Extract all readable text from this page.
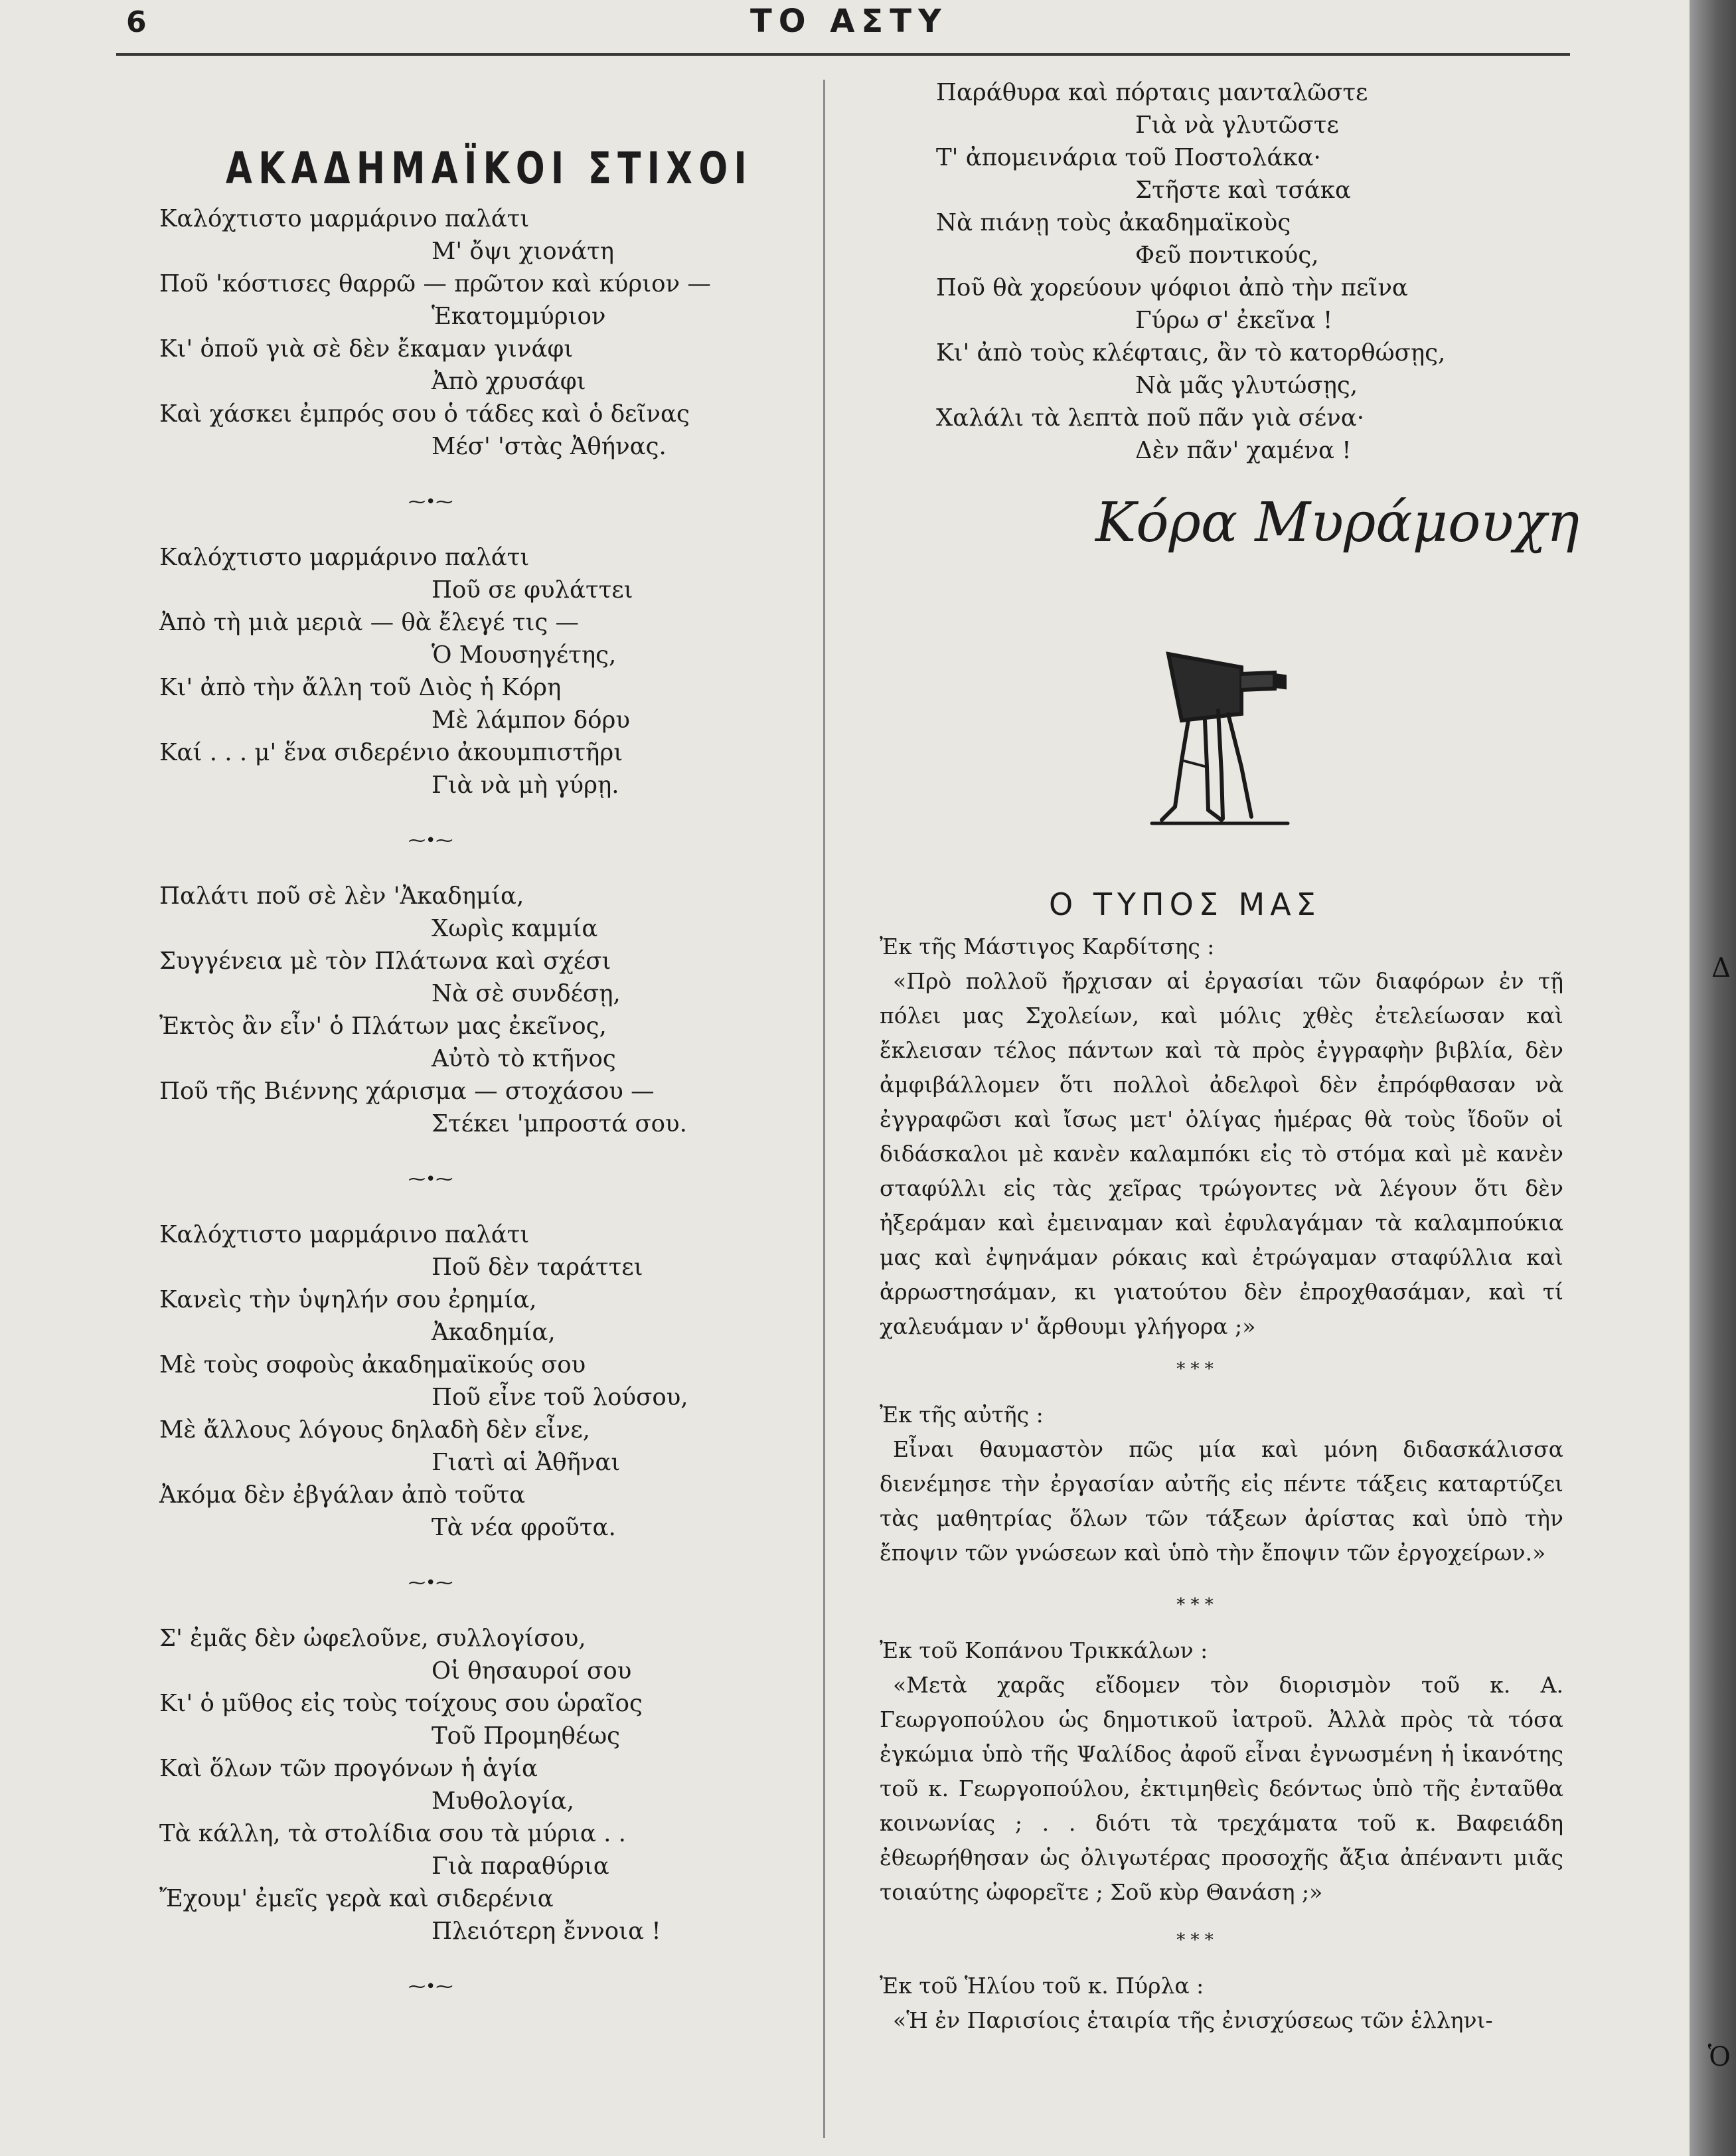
Δ
Ὁ
6	ΤΟ ΑΣΤΥ
ΑΚΑΔΗΜΑΪΚΟΙ ΣΤΙΧΟΙ
Καλόχτιστο μαρμάρινο παλάτι
Μ' ὄψι χιονάτη
Ποῦ 'κόστισες θαρρῶ — πρῶτον καὶ κύριον —
Ἑκατομμύριον
Κι' ὁποῦ γιὰ σὲ δὲν ἔκαμαν γινάφι
Ἀπὸ χρυσάφι
Καὶ χάσκει ἐμπρός σου ὁ τάδες καὶ ὁ δεῖνας
Μέσ' 'στὰς Ἀθήνας.
⁓•⁓
Καλόχτιστο μαρμάρινο παλάτι
Ποῦ σε φυλάττει
Ἀπὸ τὴ μιὰ μεριὰ — θὰ ἔλεγέ τις —
Ὁ Μουσηγέτης,
Κι' ἀπὸ τὴν ἄλλη τοῦ Διὸς ἡ Κόρη
Μὲ λάμπον δόρυ
Καί . . . μ' ἕνα σιδερένιο ἀκουμπιστῆρι
Γιὰ νὰ μὴ γύρῃ.
⁓•⁓
Παλάτι ποῦ σὲ λὲν 'Ἀκαδημία,
Χωρὶς καμμία
Συγγένεια μὲ τὸν Πλάτωνα καὶ σχέσι
Νὰ σὲ συνδέσῃ,
Ἐκτὸς ἂν εἶν' ὁ Πλάτων μας ἐκεῖνος,
Αὐτὸ τὸ κτῆνος
Ποῦ τῆς Βιέννης χάρισμα — στοχάσου —
Στέκει 'μπροστά σου.
⁓•⁓
Καλόχτιστο μαρμάρινο παλάτι
Ποῦ δὲν ταράττει
Κανεὶς τὴν ὑψηλήν σου ἐρημία,
Ἀκαδημία,
Μὲ τοὺς σοφοὺς ἀκαδημαϊκούς σου
Ποῦ εἶνε τοῦ λούσου,
Μὲ ἄλλους λόγους δηλαδὴ δὲν εἶνε,
Γιατὶ αἱ Ἀθῆναι
Ἀκόμα δὲν ἐβγάλαν ἀπὸ τοῦτα
Τὰ νέα φροῦτα.
⁓•⁓
Σ' ἐμᾶς δὲν ὠφελοῦνε, συλλογίσου,
Οἱ θησαυροί σου
Κι' ὁ μῦθος εἰς τοὺς τοίχους σου ὡραῖος
Τοῦ Προμηθέως
Καὶ ὅλων τῶν προγόνων ἡ ἁγία
Μυθολογία,
Τὰ κάλλη, τὰ στολίδια σου τὰ μύρια . .
Γιὰ παραθύρια
Ἔχουμ' ἐμεῖς γερὰ καὶ σιδερένια
Πλειότερη ἔννοια !
⁓•⁓
Παράθυρα καὶ πόρταις μανταλῶστε
Γιὰ νὰ γλυτῶστε
Τ' ἀπομεινάρια τοῦ Ποστολάκα·
Στῆστε καὶ τσάκα
Νὰ πιάνῃ τοὺς ἀκαδημαϊκοὺς
Φεῦ ποντικούς,
Ποῦ θὰ χορεύουν ψόφιοι ἀπὸ τὴν πεῖνα
Γύρω σ' ἐκεῖνα !
Κι' ἀπὸ τοὺς κλέφταις, ἂν τὸ κατορθώσῃς,
Νὰ μᾶς γλυτώσῃς,
Χαλάλι τὰ λεπτὰ ποῦ πᾶν γιὰ σένα·
Δὲν πᾶν' χαμένα !
Κόρα Μυράμουχη
Ο ΤΥΠΟΣ ΜΑΣ
Ἐκ τῆς Μάστιγος Καρδίτσης :
«Πρὸ πολλοῦ ἤρχισαν αἱ ἐργασίαι τῶν διαφόρων ἐν τῇ πόλει μας Σχολείων, καὶ μόλις χθὲς ἐτελείωσαν καὶ ἔκλεισαν τέλος πάντων καὶ τὰ πρὸς ἐγγραφὴν βιβλία, δὲν ἀμφιβάλλομεν ὅτι πολλοὶ ἀδελφοὶ δὲν ἐπρόφθασαν νὰ ἐγγραφῶσι καὶ ἴσως μετ' ὀλίγας ἡμέρας θὰ τοὺς ἴδοῦν οἱ διδάσκαλοι μὲ κανὲν καλαμπόκι εἰς τὸ στόμα καὶ μὲ κανὲν σταφύλλι εἰς τὰς χεῖρας τρώγοντες νὰ λέγουν ὅτι δὲν ἠξεράμαν καὶ ἐμειναμαν καὶ ἐφυλαγάμαν τὰ καλαμπούκια μας καὶ ἐψηνάμαν ρόκαις καὶ ἐτρώγαμαν σταφύλλια καὶ ἀρρωστησάμαν, κι γιατούτου δὲν ἐπροχθασάμαν, καὶ τί χαλευάμαν ν' ἄρθουμι γλήγορα ;»
* * *
Ἐκ τῆς αὐτῆς :
Εἶναι θαυμαστὸν πῶς μία καὶ μόνη διδασκάλισσα διενέμησε τὴν ἐργασίαν αὐτῆς εἰς πέντε τάξεις καταρτύζει τὰς μαθητρίας ὅλων τῶν τάξεων ἀρίστας καὶ ὑπὸ τὴν ἔποψιν τῶν γνώσεων καὶ ὑπὸ τὴν ἔποψιν τῶν ἐργοχείρων.»
* * *
Ἐκ τοῦ Κοπάνου Τρικκάλων :
«Μετὰ χαρᾶς εἴδομεν τὸν διορισμὸν τοῦ κ. Α. Γεωργοπούλου ὡς δημοτικοῦ ἰατροῦ. Ἀλλὰ πρὸς τὰ τόσα ἐγκώμια ὑπὸ τῆς Ψαλίδος ἀφοῦ εἶναι ἐγνωσμένη ἡ ἱκανότης τοῦ κ. Γεωργοπούλου, ἐκτιμηθεὶς δεόντως ὑπὸ τῆς ἐνταῦθα κοινωνίας ; . . διότι τὰ τρεχάματα τοῦ κ. Βαφειάδη ἐθεωρήθησαν ὡς ὀλιγωτέρας προσοχῆς ἄξια ἀπέναντι μιᾶς τοιαύτης ὠφορεῖτε ; Σοῦ κὺρ Θανάση ;»
* * *
Ἐκ τοῦ Ἡλίου τοῦ κ. Πύρλα :
«Ἡ ἐν Παρισίοις ἑταιρία τῆς ἐνισχύσεως τῶν ἑλληνι-
